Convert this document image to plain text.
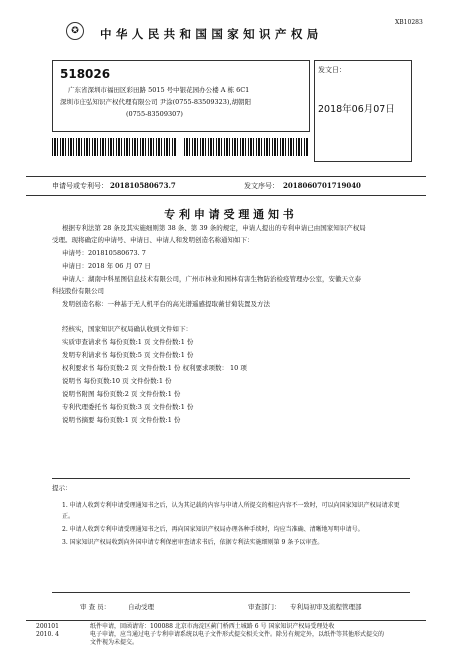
XB10283
✪	中 华 人 民 共 和 国 国 家 知 识 产 权 局
518026
广东省深圳市福田区彩田路 5015 号中银花园办公楼 A 栋 6C1
深圳市庄弘知识产权代理有限公司 尹涂(0755-83509323),胡朝阳
(0755-83509307)
发文日：
2018年06月07日
申请号或专利号： 201810580673.7	发文序号： 2018060701719040
专 利 申 请 受 理 通 知 书
根据专利法第 28 条及其实施细则第 38 条、第 39 条的规定，申请人提出的专利申请已由国家知识产权局
受理。现将确定的申请号、申请日、申请人和发明创造名称通知如下：
申请号：201810580673. 7
申请日：2018 年 06 月 07 日
申请人：湖南中科星图信息技术有限公司，广州市林业和园林有害生物防治检疫管理办公室，安徽天立泰
科技股份有限公司
发明创造名称：一种基于无人机平台的高光谱遥感提取薇甘菊装置及方法
经核实，国家知识产权局确认收到文件如下：
实质审查请求书 每份页数:1 页 文件份数:1 份
发明专利请求书 每份页数:5 页 文件份数:1 份
权利要求书 每份页数:2 页 文件份数:1 份 权利要求项数： 10 项
说明书 每份页数:10 页 文件份数:1 份
说明书附图 每份页数:2 页 文件份数:1 份
专利代理委托书 每份页数:3 页 文件份数:1 份
说明书摘要 每份页数:1 页 文件份数:1 份
提示：
1. 申请人收到专利申请受理通知书之后，认为其记载的内容与申请人所提交的相应内容不一致时，可以向国家知识产权局请求更正。
2. 申请人收到专利申请受理通知书之后，再向国家知识产权局办理各种手续时，均应当准确、清晰地写明申请号。
3. 国家知识产权局收到向外国申请专利保密审查请求书后，依据专利法实施细则第 9 条予以审查。
审 查 员：	自动受理	审查部门： 专利局初审及流程管理部
200101
2010. 4
纸件申请，回函请寄：100088 北京市海淀区蓟门桥西土城路 6 号 国家知识产权局受理处收
电子申请，应当通过电子专利申请系统以电子文件形式提交相关文件。除另有规定外，以纸件等其他形式提交的
文件视为未提交。
